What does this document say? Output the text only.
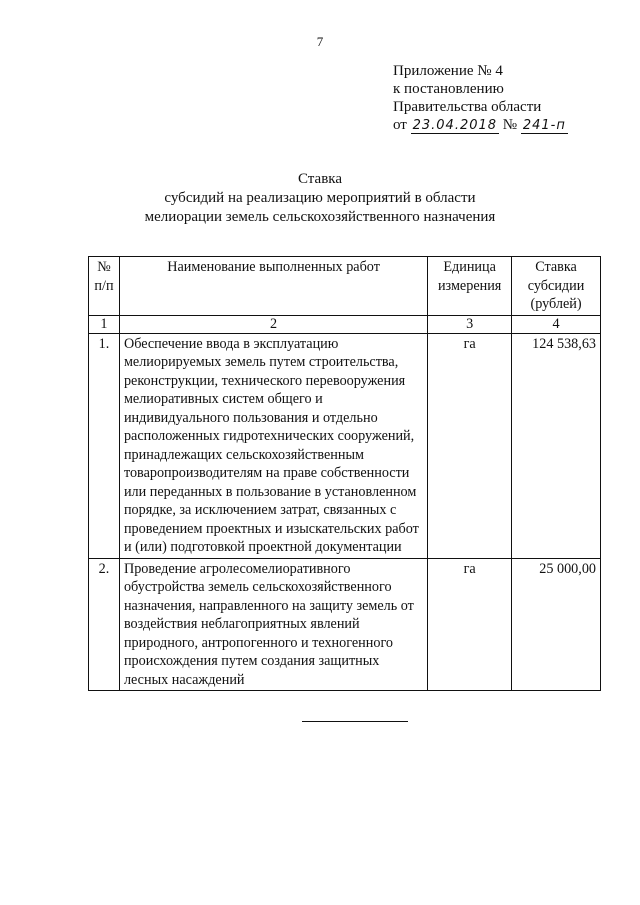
7
Приложение № 4
к постановлению
Правительства области
от 23.04.2018 № 241-п
Ставка
субсидий на реализацию мероприятий в области
мелиорации земель сельскохозяйственного назначения
№ п/п	Наименование выполненных работ	Единица измерения	Ставка субсидии (рублей)
1	2	3	4
1.	Обеспечение ввода в эксплуатацию мелиорируемых земель путем строительства, реконструкции, технического перевооружения мелиоративных систем общего и индивидуального пользования и отдельно расположенных гидротехнических сооружений, принадлежащих сельскохозяйственным товаропроизводителям на праве собственности или переданных в пользование в установленном порядке, за исключением затрат, связанных с проведением проектных и изыскательских работ и (или) подготовкой проектной документации	га	124 538,63
2.	Проведение агролесомелиоративного обустройства земель сельскохозяйственного назначения, направленного на защиту земель от воздействия неблагоприятных явлений природного, антропогенного и техногенного происхождения путем создания защитных лесных насаждений	га	25 000,00
